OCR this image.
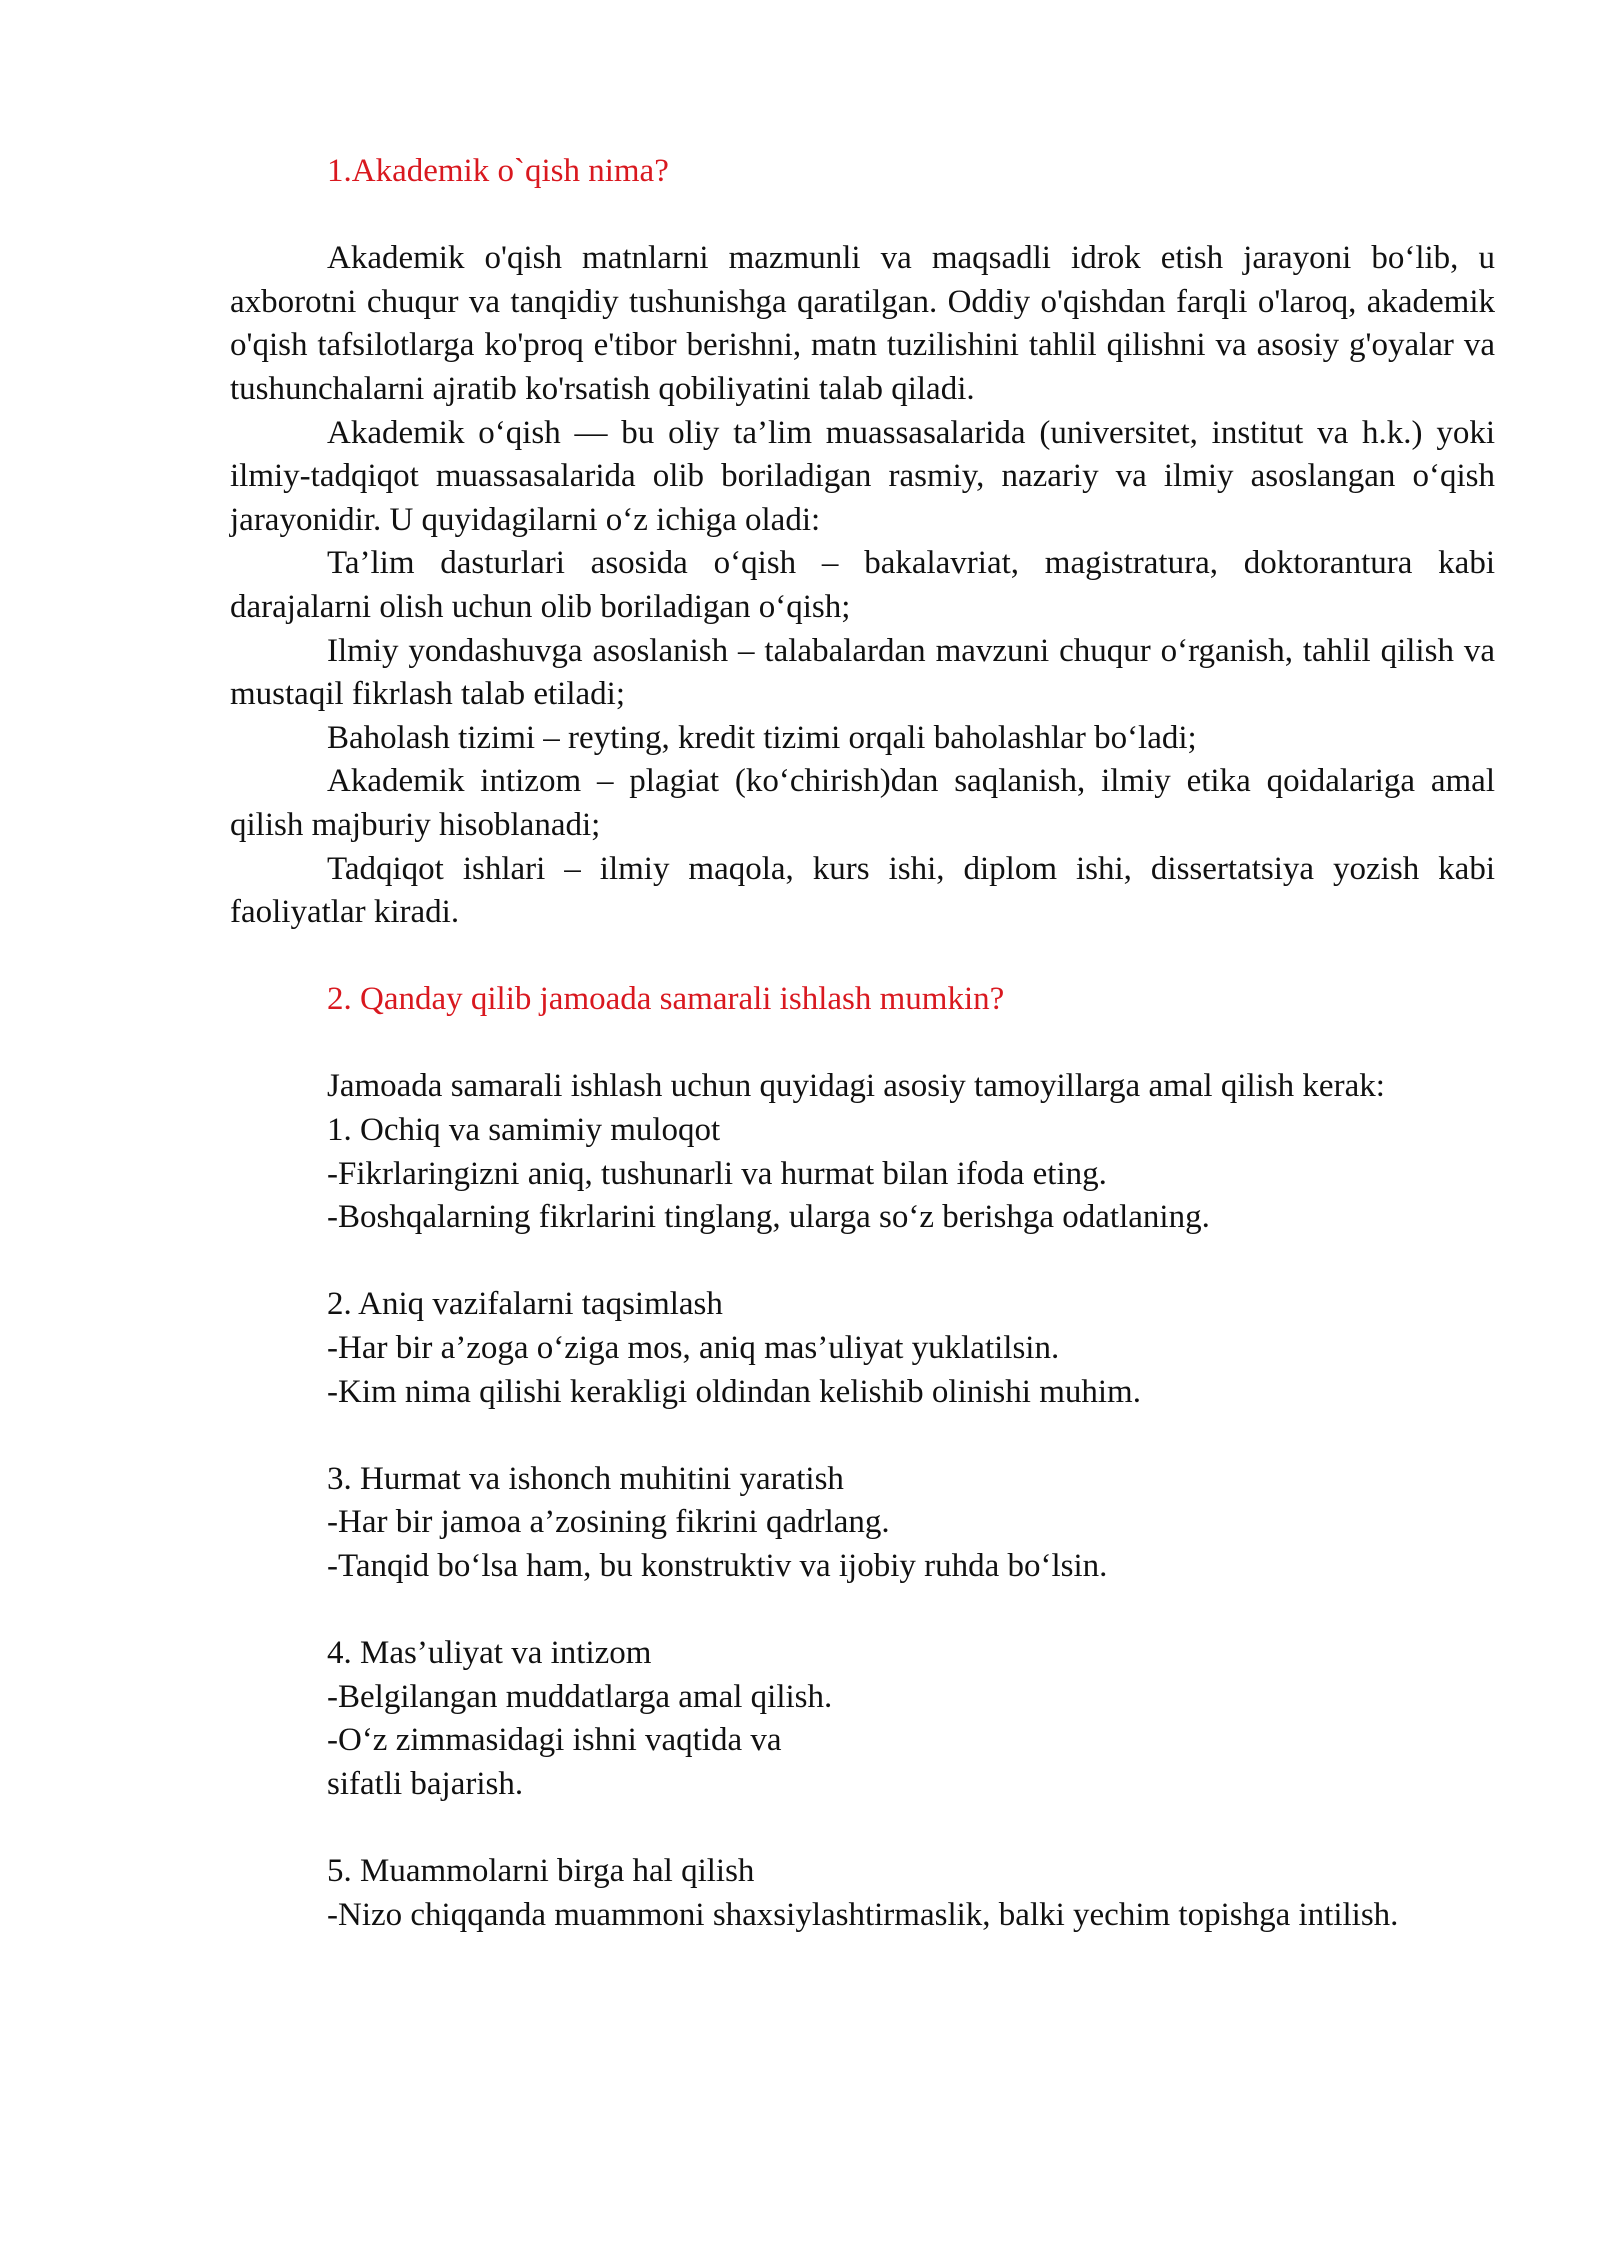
1.Akademik o`qish nima?

Akademik o'qish matnlarni mazmunli va maqsadli idrok etish jarayoni bo‘lib, u axborotni chuqur va tanqidiy tushunishga qaratilgan. Oddiy o'qishdan farqli o'laroq, akademik o'qish tafsilotlarga ko'proq e'tibor berishni, matn tuzilishini tahlil qilishni va asosiy g'oyalar va tushunchalarni ajratib ko'rsatish qobiliyatini talab qiladi.

Akademik o‘qish — bu oliy ta’lim muassasalarida (universitet, institut va h.k.) yoki ilmiy-tadqiqot muassasalarida olib boriladigan rasmiy, nazariy va ilmiy asoslangan o‘qish jarayonidir. U quyidagilarni o‘z ichiga oladi:

Ta’lim dasturlari asosida o‘qish – bakalavriat, magistratura, doktorantura kabi darajalarni olish uchun olib boriladigan o‘qish;

Ilmiy yondashuvga asoslanish – talabalardan mavzuni chuqur o‘rganish, tahlil qilish va mustaqil fikrlash talab etiladi;

Baholash tizimi – reyting, kredit tizimi orqali baholashlar bo‘ladi;

Akademik intizom – plagiat (ko‘chirish)dan saqlanish, ilmiy etika qoidalariga amal qilish majburiy hisoblanadi;

Tadqiqot ishlari – ilmiy maqola, kurs ishi, diplom ishi, dissertatsiya yozish kabi faoliyatlar kiradi.

2. Qanday qilib jamoada samarali ishlash mumkin?

Jamoada samarali ishlash uchun quyidagi asosiy tamoyillarga amal qilish kerak:

1. Ochiq va samimiy muloqot

-Fikrlaringizni aniq, tushunarli va hurmat bilan ifoda eting.

-Boshqalarning fikrlarini tinglang, ularga so‘z berishga odatlaning.

2. Aniq vazifalarni taqsimlash

-Har bir a’zoga o‘ziga mos, aniq mas’uliyat yuklatilsin.

-Kim nima qilishi kerakligi oldindan kelishib olinishi muhim.

3. Hurmat va ishonch muhitini yaratish

-Har bir jamoa a’zosining fikrini qadrlang.

-Tanqid bo‘lsa ham, bu konstruktiv va ijobiy ruhda bo‘lsin.

4. Mas’uliyat va intizom

-Belgilangan muddatlarga amal qilish.

-O‘z zimmasidagi ishni vaqtida va

sifatli bajarish.

5. Muammolarni birga hal qilish

-Nizo chiqqanda muammoni shaxsiylashtirmaslik, balki yechim topishga intilish.
